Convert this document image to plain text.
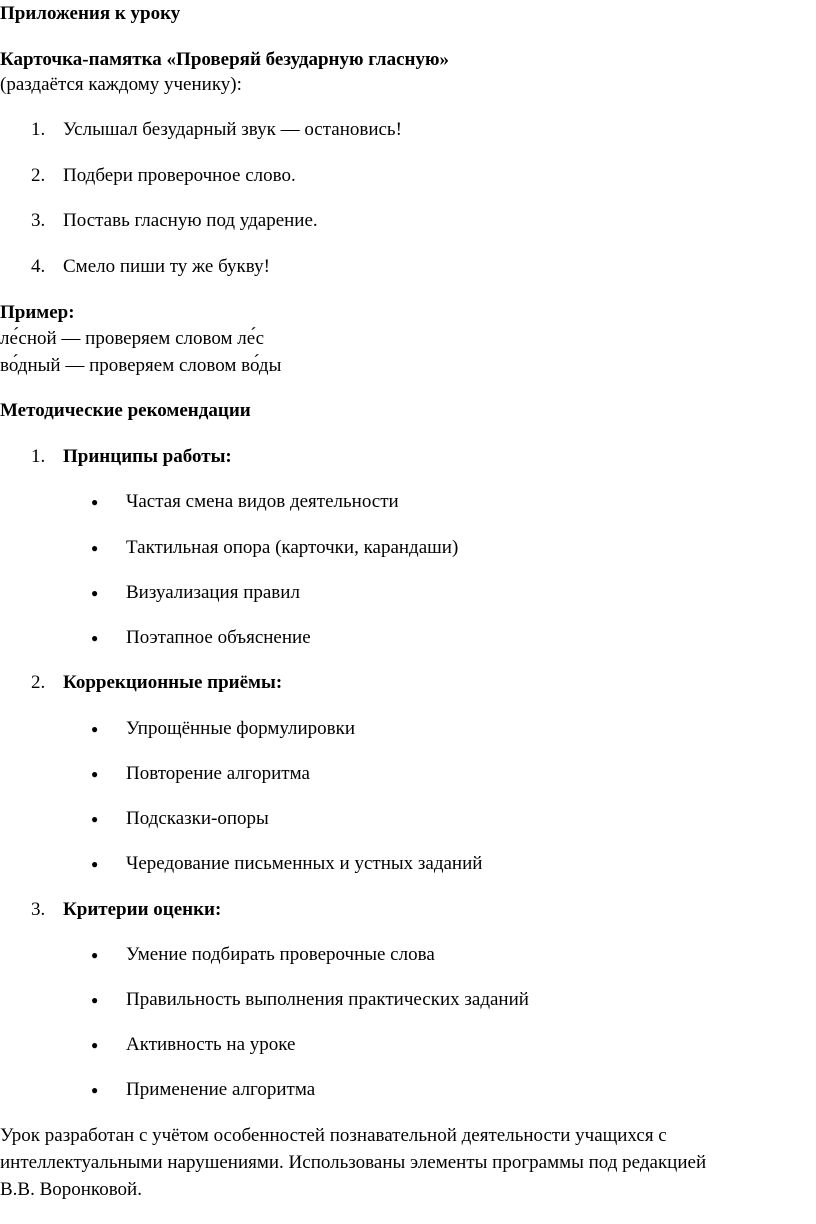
Приложения к уроку
Карточка-памятка «Проверяй безударную гласную»
(раздаётся каждому ученику):
1. Услышал безударный звук — остановись!
2. Подбери проверочное слово.
3. Поставь гласную под ударение.
4. Смело пиши ту же букву!
Пример:
ле́сной — проверяем словом ле́с
во́дный — проверяем словом во́ды
Методические рекомендации
1. Принципы работы:
● Частая смена видов деятельности
● Тактильная опора (карточки, карандаши)
● Визуализация правил
● Поэтапное объяснение
2. Коррекционные приёмы:
● Упрощённые формулировки
● Повторение алгоритма
● Подсказки-опоры
● Чередование письменных и устных заданий
3. Критерии оценки:
● Умение подбирать проверочные слова
● Правильность выполнения практических заданий
● Активность на уроке
● Применение алгоритма
Урок разработан с учётом особенностей познавательной деятельности учащихся с
интеллектуальными нарушениями. Использованы элементы программы под редакцией
В.В. Воронковой.
